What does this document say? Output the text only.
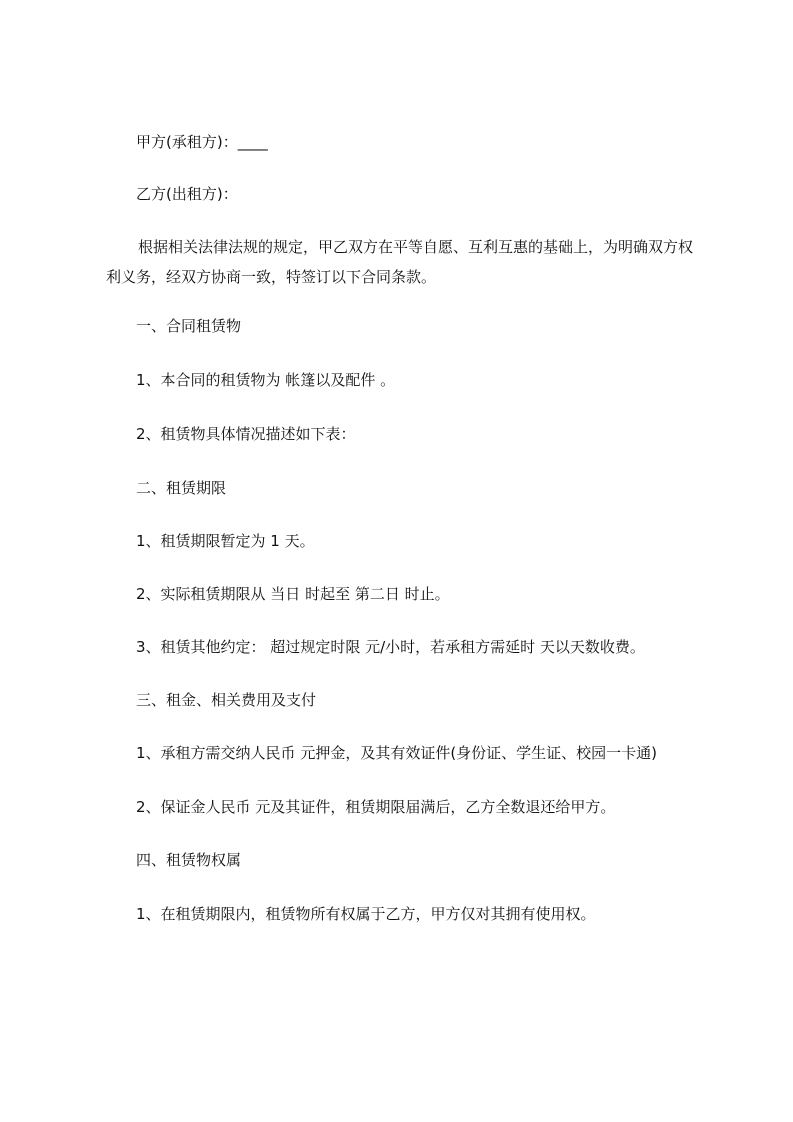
甲方(承租方)：____

乙方(出租方)：

根据相关法律法规的规定，甲乙双方在平等自愿、互利互惠的基础上，为明确双方权利义务，经双方协商一致，特签订以下合同条款。

一、合同租赁物

1、本合同的租赁物为 帐篷以及配件 。

2、租赁物具体情况描述如下表：

二、租赁期限

1、租赁期限暂定为 1 天。

2、实际租赁期限从 当日 时起至 第二日 时止。

3、租赁其他约定： 超过规定时限 元/小时，若承租方需延时 天以天数收费。

三、租金、相关费用及支付

1、承租方需交纳人民币 元押金，及其有效证件(身份证、学生证、校园一卡通)

2、保证金人民币 元及其证件，租赁期限届满后，乙方全数退还给甲方。

四、租赁物权属

1、在租赁期限内，租赁物所有权属于乙方，甲方仅对其拥有使用权。
